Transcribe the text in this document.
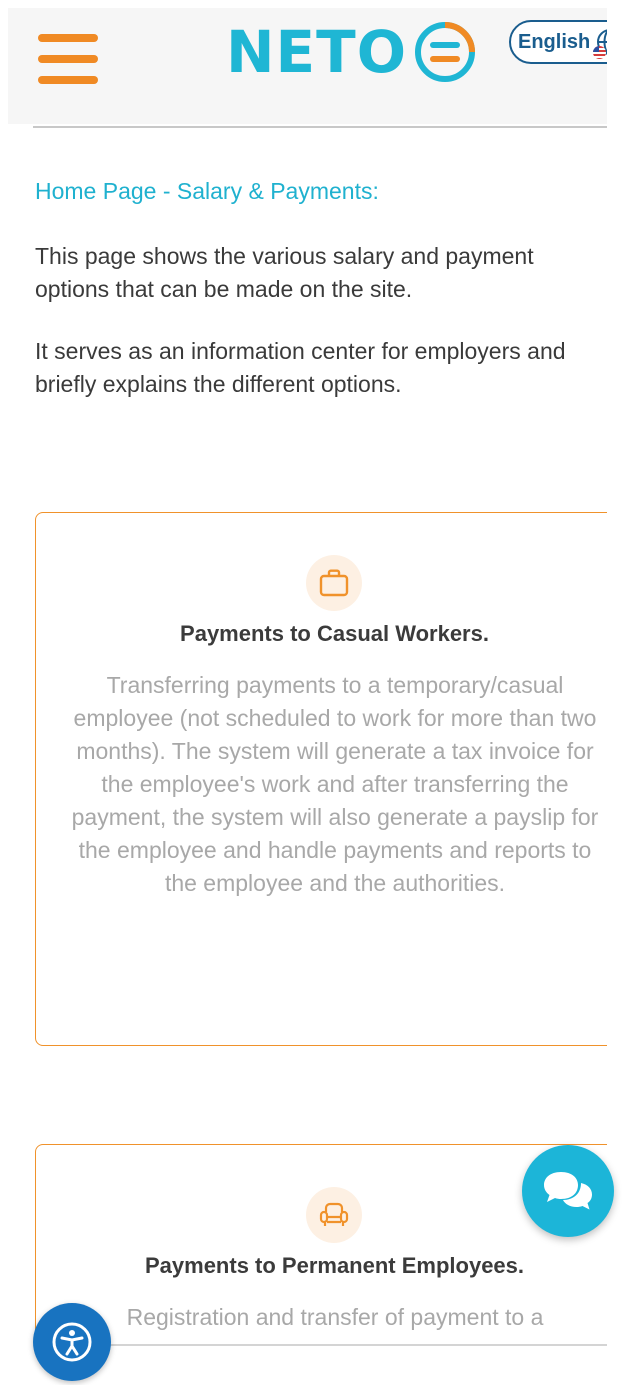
NETO	English
Home Page - Salary & Payments:

This page shows the various salary and payment options that can be made on the site.

It serves as an information center for employers and briefly explains the different options.

Payments to Casual Workers.

Transferring payments to a temporary/casual employee (not scheduled to work for more than two months). The system will generate a tax invoice for the employee's work and after transferring the payment, the system will also generate a payslip for the employee and handle payments and reports to the employee and the authorities.

Payments to Permanent Employees.

Registration and transfer of payment to a
